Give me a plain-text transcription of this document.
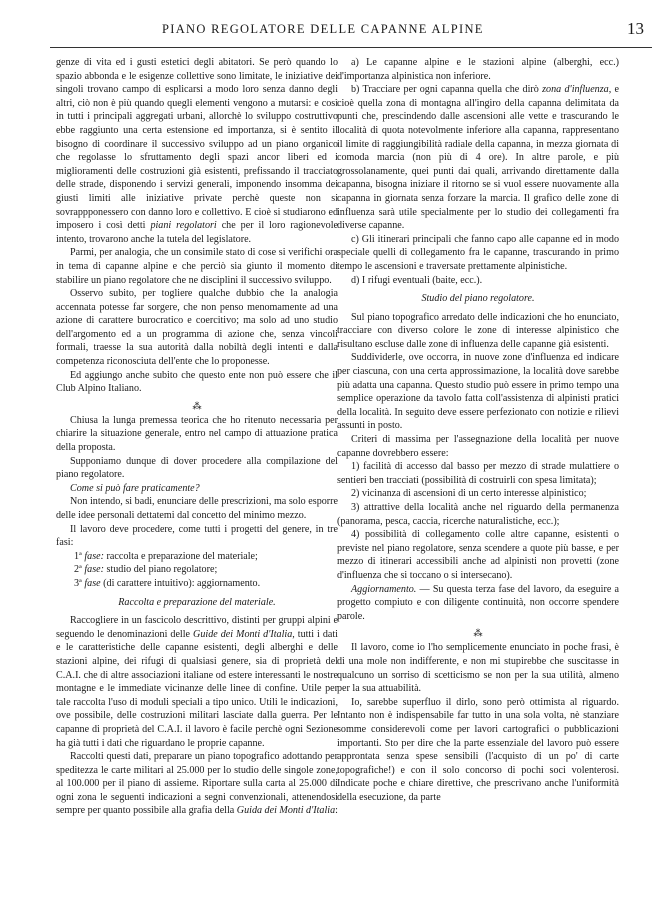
PIANO REGOLATORE DELLE CAPANNE ALPINE	13

genze di vita ed i gusti estetici degli abitatori. Se però quando lo spazio abbonda e le esigenze collettive sono limitate, le iniziative dei singoli trovano campo di esplicarsi a modo loro senza danno degli altri, ciò non è più quando quegli elementi vengono a mutarsi: e così in tutti i principali aggregati urbani, allorchè lo sviluppo costruttivo ebbe raggiunto una certa estensione ed importanza, si è sentito il bisogno di coordinare il successivo sviluppo ad un piano organico che regolasse lo sfruttamento degli spazi ancor liberi ed i miglioramenti delle costruzioni già esistenti, prefissando il tracciato delle strade, disponendo i servizi generali, imponendo insomma dei giusti limiti alle iniziative private perchè queste non si sovrappponessero con danno loro e collettivo. E cioè si studiarono ed imposero i così detti piani regolatori che per il loro ragionevole intento, trovarono anche la tutela del legislatore.

Parmi, per analogia, che un consimile stato di cose si verifichi ora in tema di capanne alpine e che perciò sia giunto il momento di stabilire un piano regolatore che ne disciplini il successivo sviluppo.

Osservo subito, per togliere qualche dubbio che la analogia accennata potesse far sorgere, che non penso menomamente ad una azione di carattere burocratico e coercitivo; ma solo ad uno studio dell'argomento ed a un programma di azione che, senza vincoli formali, traesse la sua autorità dalla nobiltà degli intenti e dalla competenza riconosciuta dell'ente che lo proponesse.

Ed aggiungo anche subito che questo ente non può essere che il Club Alpino Italiano.

⁂

Chiusa la lunga premessa teorica che ho ritenuto necessaria per chiarire la situazione generale, entro nel campo di attuazione pratica della proposta.

Supponiamo dunque di dover procedere alla compilazione del piano regolatore.

Come si può fare praticamente?

Non intendo, si badi, enunciare delle prescrizioni, ma solo esporre delle idee personali dettatemi dal concetto del minimo mezzo.

Il lavoro deve procedere, come tutti i progetti del genere, in tre fasi:

1ª fase: raccolta e preparazione del materiale;

2ª fase: studio del piano regolatore;

3ª fase (di carattere intuitivo): aggiornamento.

Raccolta e preparazione del materiale.

Raccogliere in un fascicolo descrittivo, distinti per gruppi alpini e seguendo le denominazioni delle Guide dei Monti d'Italia, tutti i dati e le caratteristiche delle capanne esistenti, degli alberghi e delle stazioni alpine, dei rifugi di qualsiasi genere, sia di proprietà del C.A.I. che di altre associazioni italiane od estere interessanti le nostre montagne e le immediate vicinanze delle linee di confine. Utile per tale raccolta l'uso di moduli speciali a tipo unico. Utili le indicazioni, ove possibile, delle costruzioni militari lasciate dalla guerra. Per le capanne di proprietà del C.A.I. il lavoro è facile perchè ogni Sezione ha già tutti i dati che riguardano le proprie capanne.

Raccolti questi dati, preparare un piano topografico adottando per speditezza le carte militari al 25.000 per lo studio delle singole zone, al 100.000 per il piano di assieme. Riportare sulla carta al 25.000 di ogni zona le seguenti indicazioni a segni convenzionali, attenendosi sempre per quanto possibile alla grafia della Guida dei Monti d'Italia:

a) Le capanne alpine e le stazioni alpine (alberghi, ecc.) d'importanza alpinistica non inferiore.

b) Tracciare per ogni capanna quella che dirò zona d'influenza, e cioè quella zona di montagna all'ingiro della capanna delimitata da punti che, prescindendo dalle ascensioni alle vette e trascurando le località di quota notevolmente inferiore alla capanna, rappresentano il limite di raggiungibilità radiale della capanna, in mezza giornata di comoda marcia (non più di 4 ore). In altre parole, e più grossolanamente, quei punti dai quali, arrivando direttamente dalla capanna, bisogna iniziare il ritorno se si vuol essere nuovamente alla capanna in giornata senza forzare la marcia. Il grafico delle zone di influenza sarà utile specialmente per lo studio dei collegamenti fra diverse capanne.

c) Gli itinerari principali che fanno capo alle capanne ed in modo speciale quelli di collegamento fra le capanne, trascurando in primo tempo le ascensioni e traversate prettamente alpinistiche.

d) I rifugi eventuali (baite, ecc.).

Studio del piano regolatore.

Sul piano topografico arredato delle indicazioni che ho enunciato, tracciare con diverso colore le zone di interesse alpinistico che risultano escluse dalle zone di influenza delle capanne già esistenti.

Suddividerle, ove occorra, in nuove zone d'influenza ed indicare per ciascuna, con una certa approssimazione, la località dove sarebbe più adatta una capanna. Questo studio può essere in primo tempo una semplice operazione da tavolo fatta coll'assistenza di alpinisti pratici della località. In seguito deve essere perfezionato con notizie e rilievi assunti in posto.

Criteri di massima per l'assegnazione della località per nuove capanne dovrebbero essere:

1) facilità di accesso dal basso per mezzo di strade mulattiere o sentieri ben tracciati (possibilità di costruirli con spesa limitata);

2) vicinanza di ascensioni di un certo interesse alpinistico;

3) attrattive della località anche nel riguardo della permanenza (panorama, pesca, caccia, ricerche naturalistiche, ecc.);

4) possibilità di collegamento colle altre capanne, esistenti o previste nel piano regolatore, senza scendere a quote più basse, e per mezzo di itinerari accessibili anche ad alpinisti non provetti (zone d'influenza che si toccano o si intersecano).

Aggiornamento. — Su questa terza fase del lavoro, da eseguire a progetto compiuto e con diligente continuità, non occorre spendere parole.

⁂

Il lavoro, come io l'ho semplicemente enunciato in poche frasi, è di una mole non indifferente, e non mi stupirebbe che suscitasse in qualcuno un sorriso di scetticismo se non per la sua utilità, almeno per la sua attuabilità.

Io, sarebbe superfluo il dirlo, sono però ottimista al riguardo. Intanto non è indispensabile far tutto in una sola volta, nè stanziare somme considerevoli come per lavori cartografici o pubblicazioni importanti. Sto per dire che la parte essenziale del lavoro può essere approntata senza spese sensibili (l'acquisto di un po' di carte topografiche!) e con il solo concorso di pochi soci volenterosi. Indicate poche e chiare direttive, che prescrivano anche l'uniformità della esecuzione, da parte
